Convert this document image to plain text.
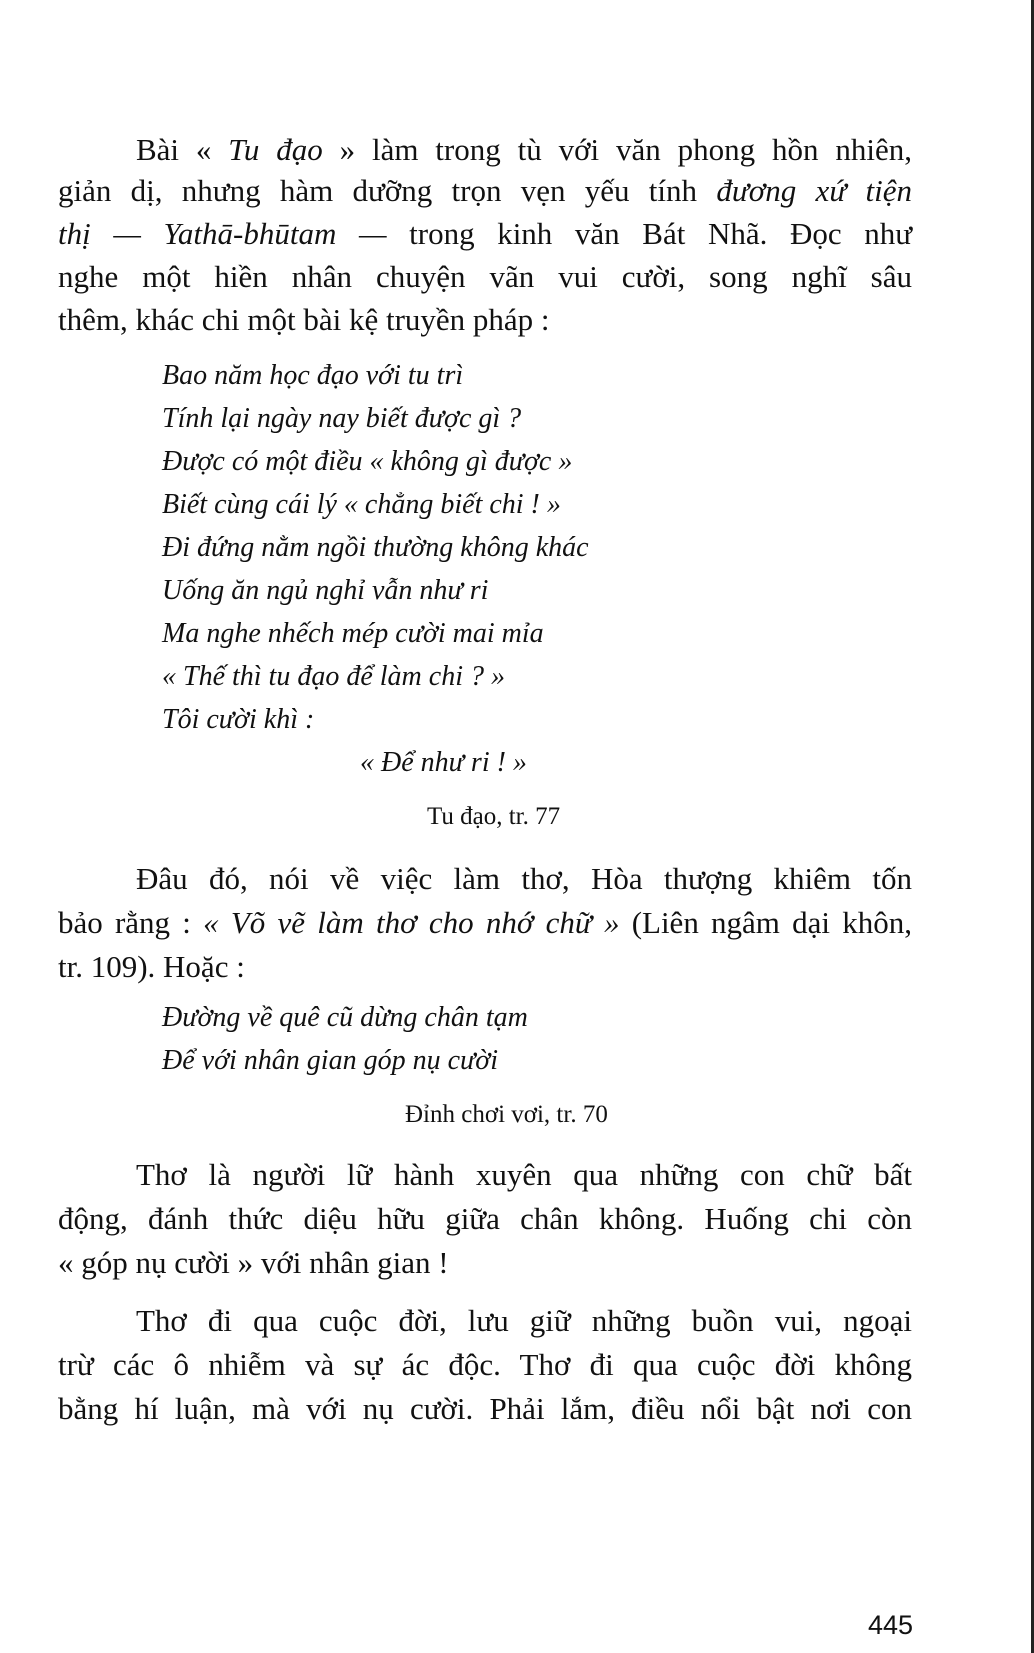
Bài « Tu đạo » làm trong tù với văn phong hồn nhiên,
giản dị, nhưng hàm dưỡng trọn vẹn yếu tính đương xứ tiện
thị — Yathā-bhūtam — trong kinh văn Bát Nhã. Đọc như
nghe một hiền nhân chuyện vãn vui cười, song nghĩ sâu
thêm, khác chi một bài kệ truyền pháp :

Bao năm học đạo với tu trì

Tính lại ngày nay biết được gì ?

Được có một điều « không gì được »

Biết cùng cái lý « chẳng biết chi ! »

Đi đứng nằm ngồi thường không khác

Uống ăn ngủ nghỉ vẫn như ri

Ma nghe nhếch mép cười mai mỉa

« Thế thì tu đạo để làm chi ? »

Tôi cười khì :

« Để như ri ! »

Tu đạo, tr. 77

Đâu đó, nói về việc làm thơ, Hòa thượng khiêm tốn
bảo rằng : « Võ vẽ làm thơ cho nhớ chữ » (Liên ngâm dại khôn,
tr. 109). Hoặc :

Đường về quê cũ dừng chân tạm

Để với nhân gian góp nụ cười

Đỉnh chơi vơi, tr. 70

Thơ là người lữ hành xuyên qua những con chữ bất
động, đánh thức diệu hữu giữa chân không. Huống chi còn
« góp nụ cười » với nhân gian !
Thơ đi qua cuộc đời, lưu giữ những buồn vui, ngoại
trừ các ô nhiễm và sự ác độc. Thơ đi qua cuộc đời không
bằng hí luận, mà với nụ cười. Phải lắm, điều nổi bật nơi con
445
